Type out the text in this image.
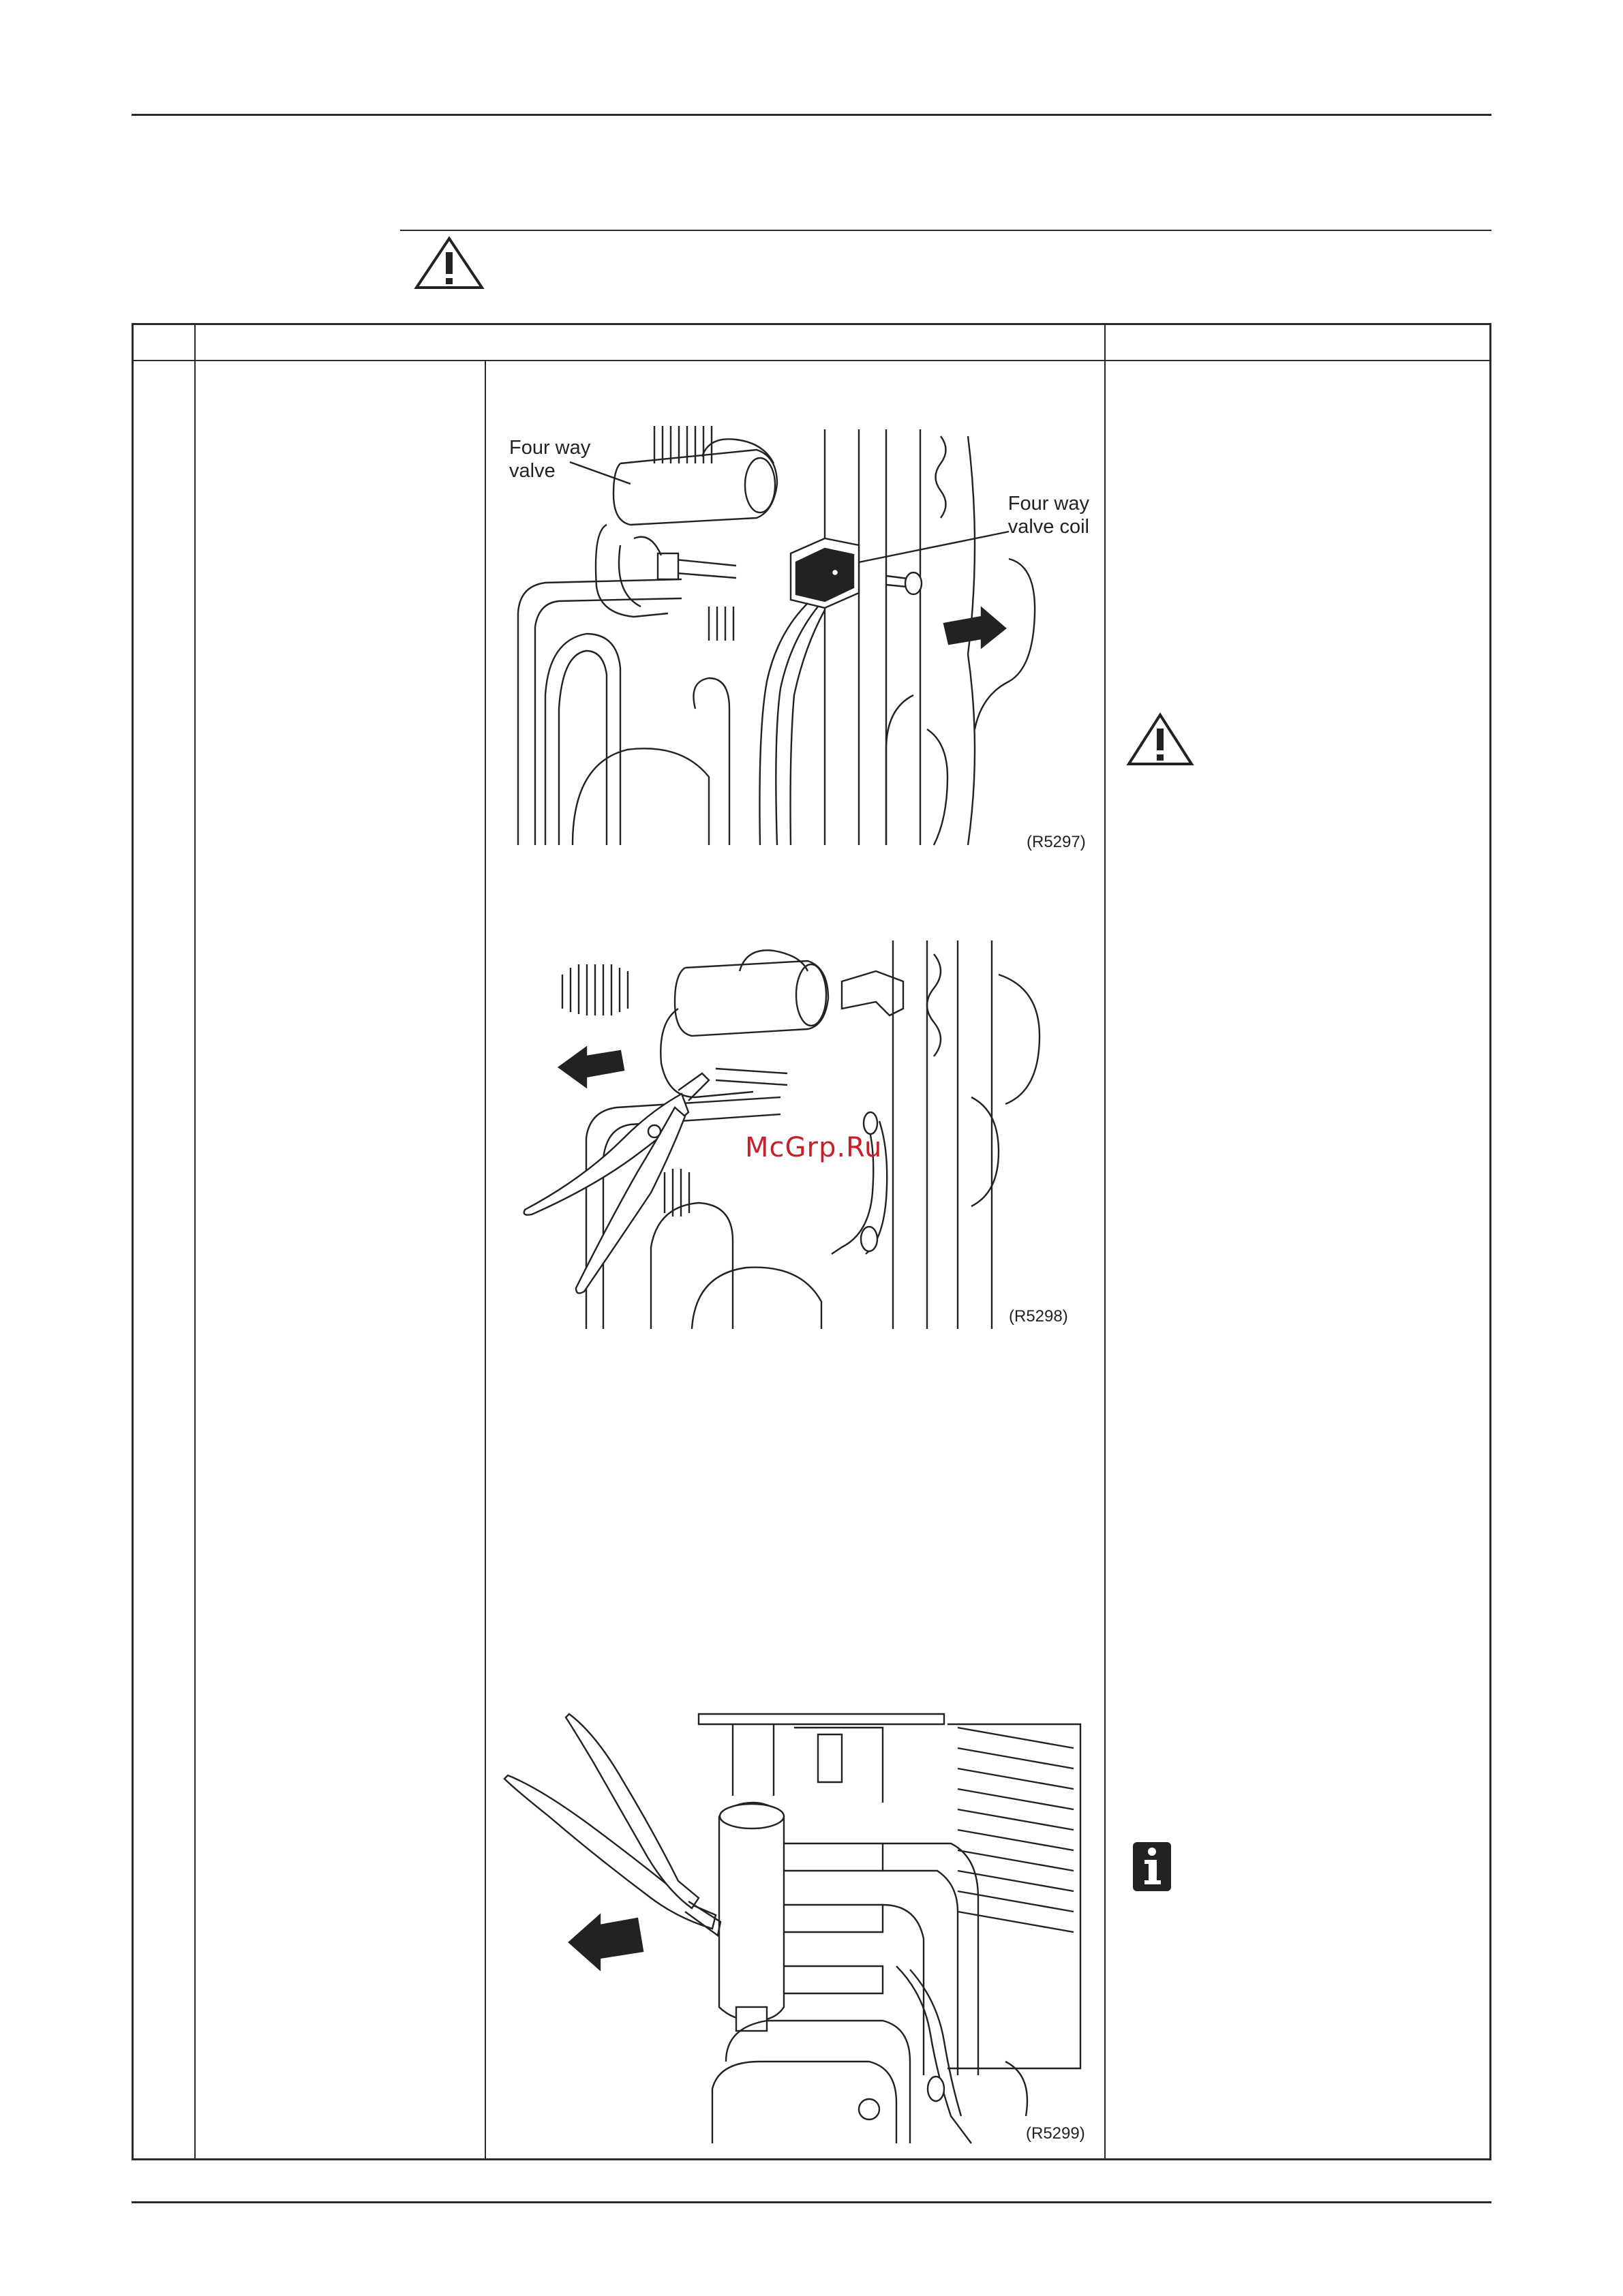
Four way
valve
Four way
valve coil
(R5297)
McGrp.Ru
(R5298)
(R5299)
